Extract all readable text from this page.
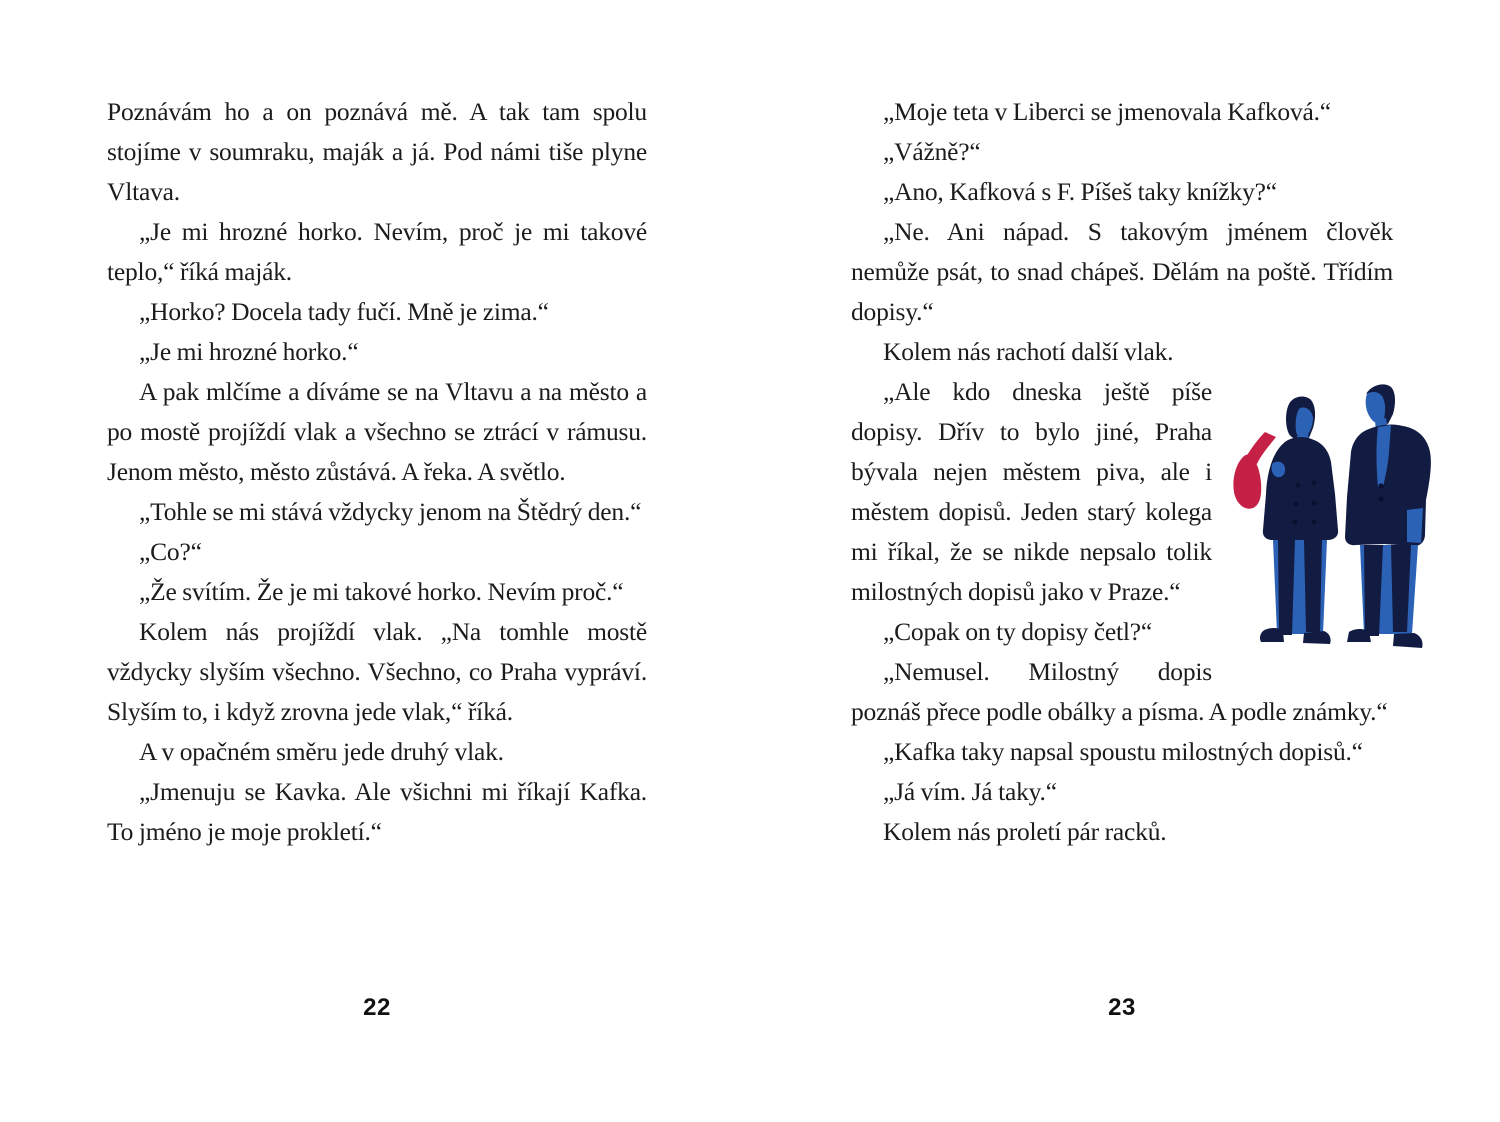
Poznávám ho a on poznává mě. A tak tam spolu stojíme v soumraku, maják a já. Pod námi tiše plyne Vltava.

„Je mi hrozné horko. Nevím, proč je mi takové teplo,“ říká maják.

„Horko? Docela tady fučí. Mně je zima.“

„Je mi hrozné horko.“

A pak mlčíme a díváme se na Vltavu a na město a po mostě projíždí vlak a všechno se ztrácí v rámusu. Jenom město, město zůstává. A řeka. A světlo.

„Tohle se mi stává vždycky jenom na Štědrý den.“

„Co?“

„Že svítím. Že je mi takové horko. Nevím proč.“

Kolem nás projíždí vlak. „Na tomhle mostě vždycky slyším všechno. Všechno, co Praha vypráví. Slyším to, i když zrovna jede vlak,“ říká.

A v opačném směru jede druhý vlak.

„Jmenuju se Kavka. Ale všichni mi říkají Kafka. To jméno je moje prokletí.“

22

„Moje teta v Liberci se jmenovala Kafková.“

„Vážně?“

„Ano, Kafková s F. Píšeš taky knížky?“

„Ne. Ani nápad. S takovým jménem člověk nemůže psát, to snad chápeš. Dělám na poště. Třídím dopisy.“

Kolem nás rachotí další vlak.

„Ale kdo dneska ještě píše dopisy. Dřív to bylo jiné, Praha bývala nejen městem piva, ale i městem dopisů. Jeden starý kolega mi říkal, že se nikde nepsalo tolik milostných dopisů jako v Praze.“

„Copak on ty dopisy četl?“

„Nemusel. Milostný dopis poznáš přece podle obálky a písma. A podle známky.“

„Kafka taky napsal spoustu milostných dopisů.“

„Já vím. Já taky.“

Kolem nás proletí pár racků.

23
